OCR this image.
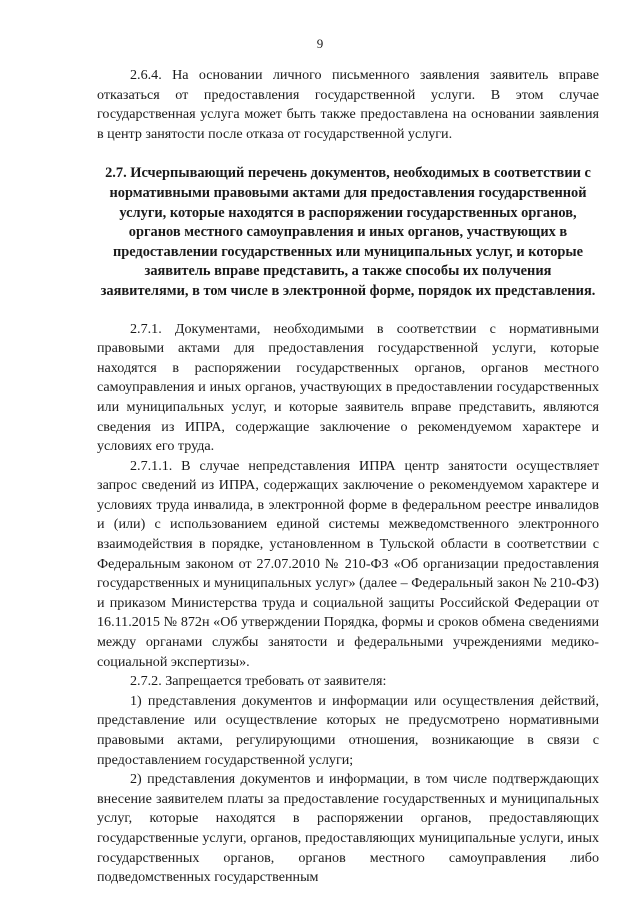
9

2.6.4. На основании личного письменного заявления заявитель вправе отказаться от предоставления государственной услуги. В этом случае государственная услуга может быть также предоставлена на основании заявления в центр занятости после отказа от государственной услуги.

2.7. Исчерпывающий перечень документов, необходимых в соответствии с нормативными правовыми актами для предоставления государственной услуги, которые находятся в распоряжении государственных органов, органов местного самоуправления и иных органов, участвующих в предоставлении государственных или муниципальных услуг, и которые заявитель вправе представить, а также способы их получения заявителями, в том числе в электронной форме, порядок их представления.

2.7.1. Документами, необходимыми в соответствии с нормативными правовыми актами для предоставления государственной услуги, которые находятся в распоряжении государственных органов, органов местного самоуправления и иных органов, участвующих в предоставлении государственных или муниципальных услуг, и которые заявитель вправе представить, являются сведения из ИПРА, содержащие заключение о рекомендуемом характере и условиях его труда.

2.7.1.1. В случае непредставления ИПРА центр занятости осуществляет запрос сведений из ИПРА, содержащих заключение о рекомендуемом характере и условиях труда инвалида, в электронной форме в федеральном реестре инвалидов и (или) с использованием единой системы межведомственного электронного взаимодействия в порядке, установленном в Тульской области в соответствии с Федеральным законом от 27.07.2010 № 210-ФЗ «Об организации предоставления государственных и муниципальных услуг» (далее – Федеральный закон № 210-ФЗ) и приказом Министерства труда и социальной защиты Российской Федерации от 16.11.2015 № 872н «Об утверждении Порядка, формы и сроков обмена сведениями между органами службы занятости и федеральными учреждениями медико-социальной экспертизы».

2.7.2. Запрещается требовать от заявителя:

1) представления документов и информации или осуществления действий, представление или осуществление которых не предусмотрено нормативными правовыми актами, регулирующими отношения, возникающие в связи с предоставлением государственной услуги;

2) представления документов и информации, в том числе подтверждающих внесение заявителем платы за предоставление государственных и муниципальных услуг, которые находятся в распоряжении органов, предоставляющих государственные услуги, органов, предоставляющих муниципальные услуги, иных государственных органов, органов местного самоуправления либо подведомственных государственным
